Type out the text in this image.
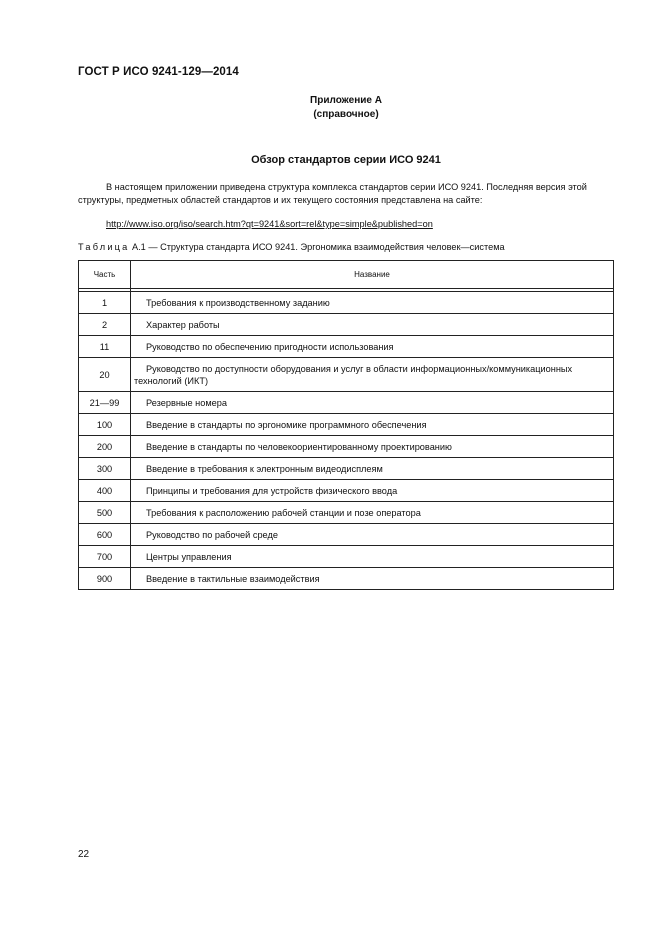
ГОСТ Р ИСО 9241-129—2014
Приложение А
(справочное)
Обзор стандартов серии ИСО 9241
В настоящем приложении приведена структура комплекса стандартов серии ИСО 9241. Последняя версия этой структуры, предметных областей стандартов и их текущего состояния представлена на сайте:
http://www.iso.org/iso/search.htm?qt=9241&sort=rel&type=simple&published=on
Таблица А.1 — Структура стандарта ИСО 9241. Эргономика взаимодействия человек—система
Часть	Название

1	Требования к производственному заданию
2	Характер работы
11	Руководство по обеспечению пригодности использования
20	Руководство по доступности оборудования и услуг в области информационных/коммуникационных технологий (ИКТ)
21—99	Резервные номера
100	Введение в стандарты по эргономике программного обеспечения
200	Введение в стандарты по человекоориентированному проектированию
300	Введение в требования к электронным видеодисплеям
400	Принципы и требования для устройств физического ввода
500	Требования к расположению рабочей станции и позе оператора
600	Руководство по рабочей среде
700	Центры управления
900	Введение в тактильные взаимодействия
22
